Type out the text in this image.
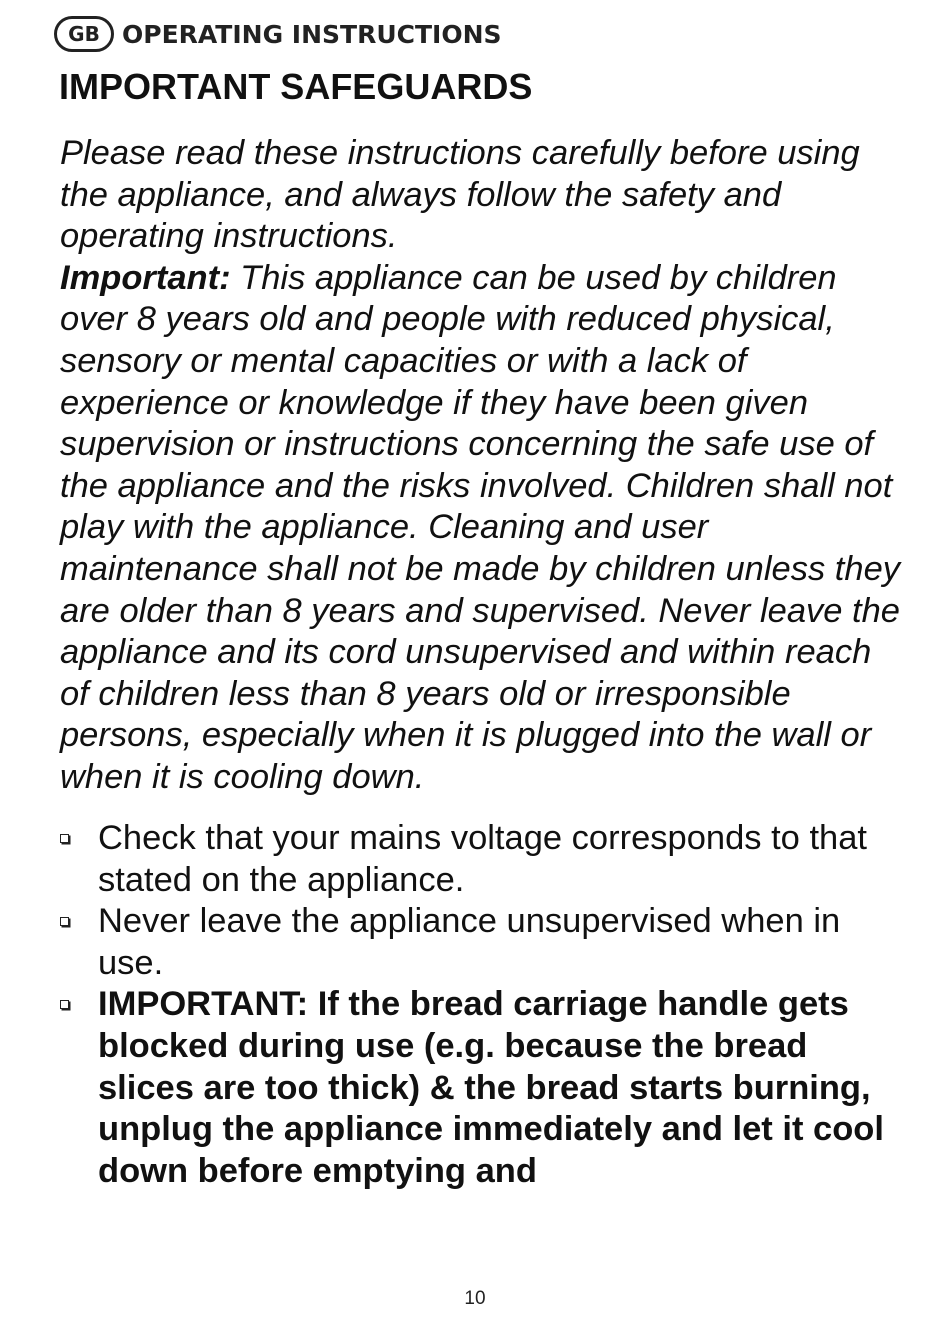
GB OPERATING INSTRUCTIONS
IMPORTANT SAFEGUARDS

Please read these instructions carefully before using the appliance, and always follow the safety and operating instructions.
Important: This appliance can be used by children over 8 years old and people with reduced physical, sensory or mental capacities or with a lack of experience or knowledge if they have been given supervision or instructions concerning the safe use of the appliance and the risks involved. Children shall not play with the appliance. Cleaning and user maintenance shall not be made by children unless they are older than 8 years and supervised. Never leave the appliance and its cord unsupervised and within reach of children less than 8 years old or irresponsible persons, especially when it is plugged into the wall or when it is cooling down.

Check that your mains voltage corresponds to that stated on the appliance.
Never leave the appliance unsupervised when in use.
IMPORTANT: If the bread carriage handle gets blocked during use (e.g. because the bread slices are too thick) & the bread starts burning, unplug the appliance immediately and let it cool down before emptying and
10
